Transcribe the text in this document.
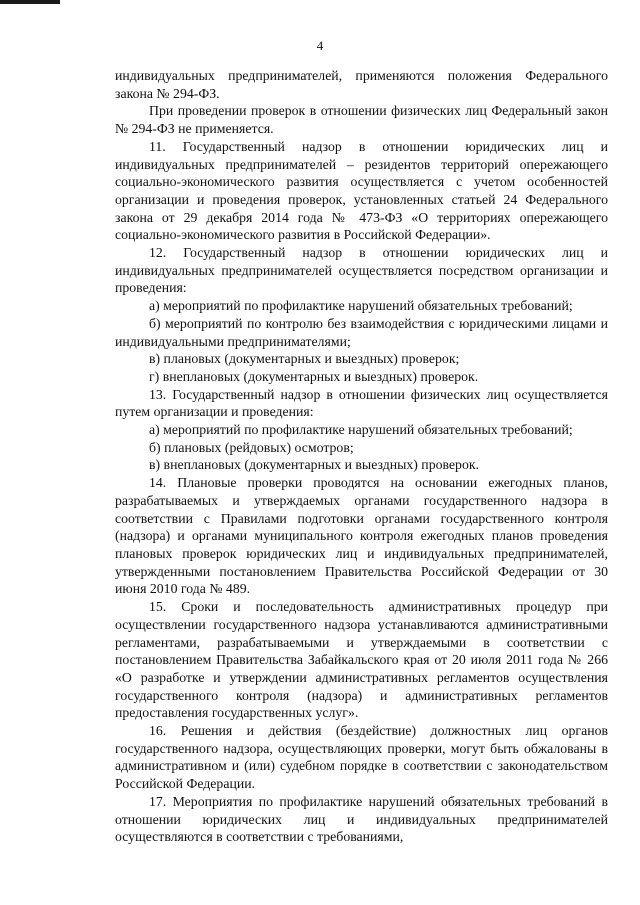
4

индивидуальных предпринимателей, применяются положения Федерального закона № 294-ФЗ.

При проведении проверок в отношении физических лиц Федеральный закон № 294-ФЗ не применяется.

11. Государственный надзор в отношении юридических лиц и индивидуальных предпринимателей – резидентов территорий опережающего социально-экономического развития осуществляется с учетом особенностей организации и проведения проверок, установленных статьей 24 Федерального закона от 29 декабря 2014 года № 473-ФЗ «О территориях опережающего социально-экономического развития в Российской Федерации».

12. Государственный надзор в отношении юридических лиц и индивидуальных предпринимателей осуществляется посредством организации и проведения:

а) мероприятий по профилактике нарушений обязательных требований;

б) мероприятий по контролю без взаимодействия с юридическими лицами и индивидуальными предпринимателями;

в) плановых (документарных и выездных) проверок;

г) внеплановых (документарных и выездных) проверок.

13. Государственный надзор в отношении физических лиц осуществляется путем организации и проведения:

а) мероприятий по профилактике нарушений обязательных требований;

б) плановых (рейдовых) осмотров;

в) внеплановых (документарных и выездных) проверок.

14. Плановые проверки проводятся на основании ежегодных планов, разрабатываемых и утверждаемых органами государственного надзора в соответствии с Правилами подготовки органами государственного контроля (надзора) и органами муниципального контроля ежегодных планов проведения плановых проверок юридических лиц и индивидуальных предпринимателей, утвержденными постановлением Правительства Российской Федерации от 30 июня 2010 года № 489.

15. Сроки и последовательность административных процедур при осуществлении государственного надзора устанавливаются административными регламентами, разрабатываемыми и утверждаемыми в соответствии с постановлением Правительства Забайкальского края от 20 июля 2011 года № 266 «О разработке и утверждении административных регламентов осуществления государственного контроля (надзора) и административных регламентов предоставления государственных услуг».

16. Решения и действия (бездействие) должностных лиц органов государственного надзора, осуществляющих проверки, могут быть обжалованы в административном и (или) судебном порядке в соответствии с законодательством Российской Федерации.

17. Мероприятия по профилактике нарушений обязательных требований в отношении юридических лиц и индивидуальных предпринимателей осуществляются в соответствии с требованиями,
